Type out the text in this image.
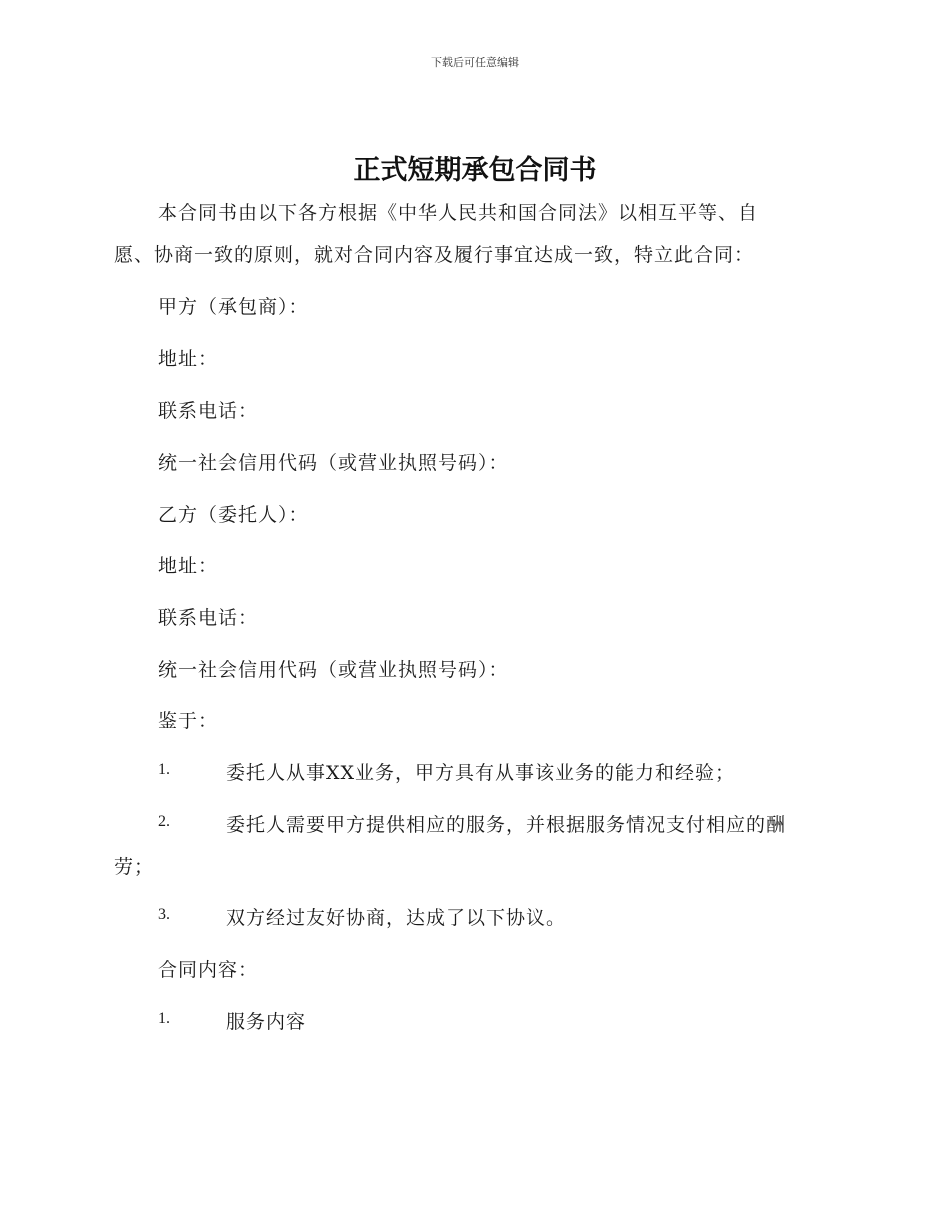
下载后可任意编辑
正式短期承包合同书
本合同书由以下各方根据《中华人民共和国合同法》以相互平等、自
愿、协商一致的原则，就对合同内容及履行事宜达成一致，特立此合同：
甲方（承包商）：
地址：
联系电话：
统一社会信用代码（或营业执照号码）：
乙方（委托人）：
地址：
联系电话：
统一社会信用代码（或营业执照号码）：
鉴于：
1.	委托人从事XX业务，甲方具有从事该业务的能力和经验；
2.	委托人需要甲方提供相应的服务，并根据服务情况支付相应的酬
劳；
3.	双方经过友好协商，达成了以下协议。
合同内容：
1.	服务内容
